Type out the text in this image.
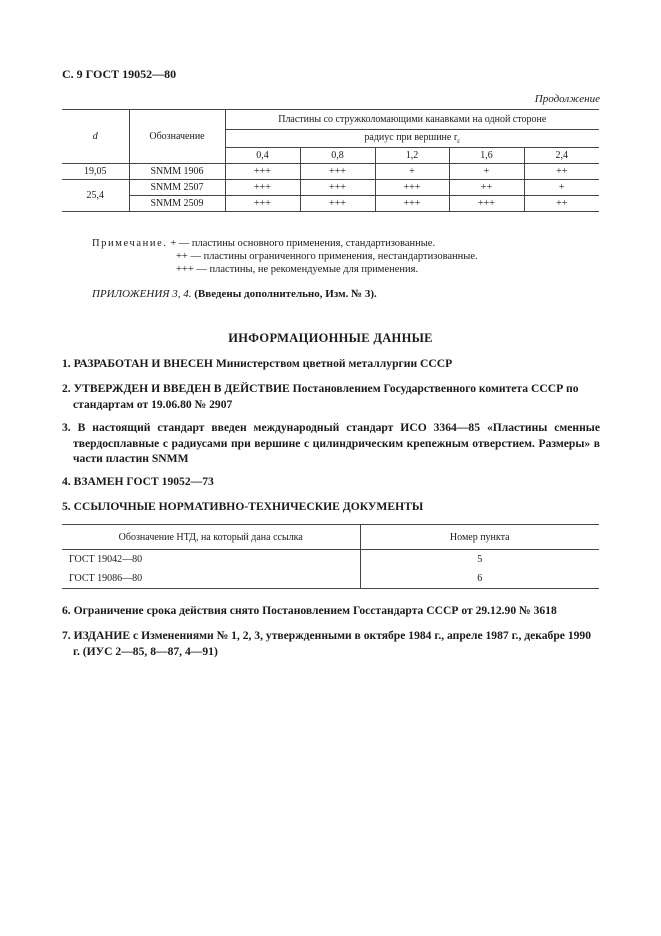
С. 9 ГОСТ 19052—80
Продолжение
d	Обозначение	Пластины со стружколомающими канавками на одной стороне				
		радиус при вершине $r_\varepsilon$
		0,4	0,8	1,2	1,6	2,4
19,05	SNMM 1906	+++	+++	+	+	++
25,4	SNMM 2507	+++	+++	+++	++	+
	SNMM 2509	+++	+++	+++	+++	++
Примечание. + — пластины основного применения, стандартизованные.
++ — пластины ограниченного применения, нестандартизованные.
+++ — пластины, не рекомендуемые для применения.
ПРИЛОЖЕНИЯ 3, 4. (Введены дополнительно, Изм. № 3).
ИНФОРМАЦИОННЫЕ ДАННЫЕ
1. РАЗРАБОТАН И ВНЕСЕН Министерством цветной металлургии СССР
2. УТВЕРЖДЕН И ВВЕДЕН В ДЕЙСТВИЕ Постановлением Государственного комитета СССР по стандартам от 19.06.80 № 2907
3. В настоящий стандарт введен международный стандарт ИСО 3364—85 «Пластины сменные твердосплавные с радиусами при вершине с цилиндрическим крепежным отверстием. Размеры» в части пластин SNMM
4. ВЗАМЕН ГОСТ 19052—73
5. ССЫЛОЧНЫЕ НОРМАТИВНО-ТЕХНИЧЕСКИЕ ДОКУМЕНТЫ
Обозначение НТД, на который дана ссылка	Номер пункта
ГОСТ 19042—80	5
ГОСТ 19086—80	6
6. Ограничение срока действия снято Постановлением Госстандарта СССР от 29.12.90 № 3618
7. ИЗДАНИЕ с Изменениями № 1, 2, 3, утвержденными в октябре 1984 г., апреле 1987 г., декабре 1990 г. (ИУС 2—85, 8—87, 4—91)
